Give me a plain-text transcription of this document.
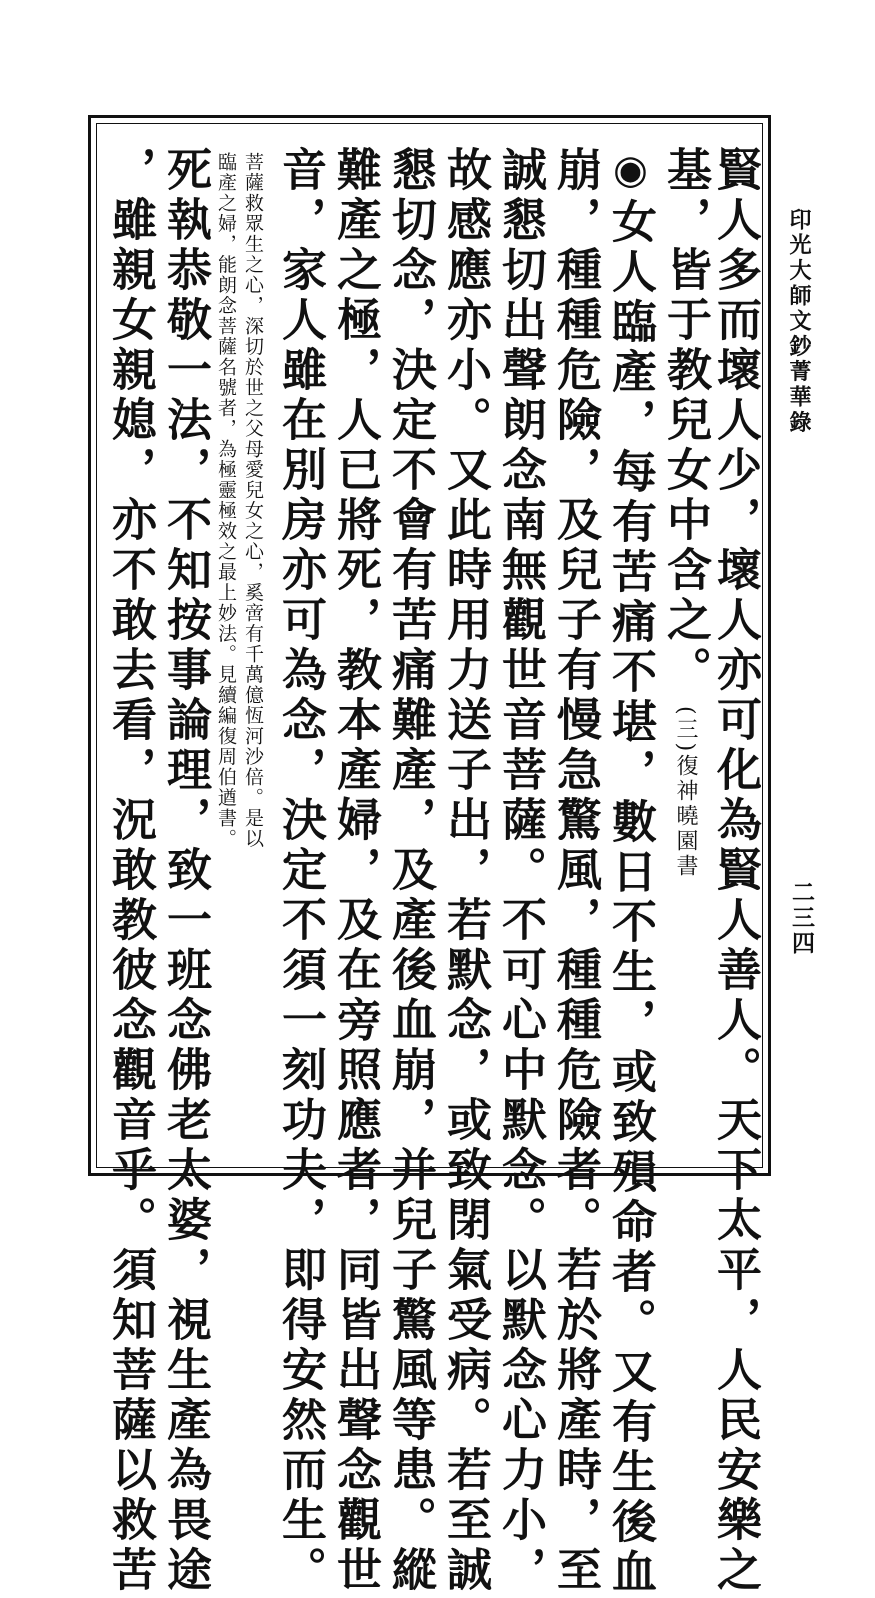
印光大師文鈔菁華錄
二三四
賢人多而壞人少，壞人亦可化為賢人善人。天下太平，人民安樂之
基，皆于教兒女中含之。(三)復神曉園書
◉女人臨產，每有苦痛不堪，數日不生，或致殞命者。又有生後血
崩，種種危險，及兒子有慢急驚風，種種危險者。若於將產時，至
誠懇切出聲朗念南無觀世音菩薩。不可心中默念。以默念心力小，
故感應亦小。又此時用力送子出，若默念，或致閉氣受病。若至誠
懇切念，決定不會有苦痛難產，及產後血崩，并兒子驚風等患。縱
難產之極，人已將死，教本產婦，及在旁照應者，同皆出聲念觀世
音，家人雖在別房亦可為念，決定不須一刻功夫，即得安然而生。
菩薩救眾生之心，深切於世之父母愛兒女之心，奚啻有千萬億恆河沙倍。是以
臨產之婦，能朗念菩薩名號者，為極靈極效之最上妙法。見續編復周伯遒書。
死執恭敬一法，不知按事論理，致一班念佛老太婆，視生產為畏途
，雖親女親媳，亦不敢去看，況敢教彼念觀音乎。須知菩薩以救苦
